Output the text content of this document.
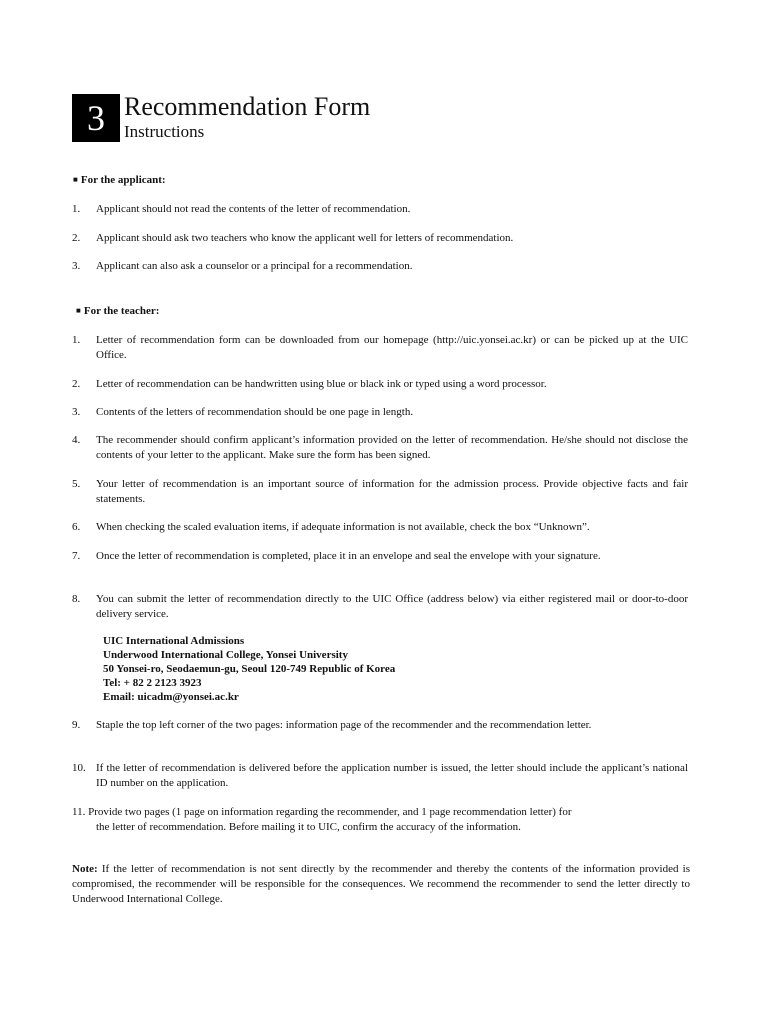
3 Recommendation Form
Instructions
■ For the applicant:
1.	Applicant should not read the contents of the letter of recommendation.
2.	Applicant should ask two teachers who know the applicant well for letters of recommendation.
3.	Applicant can also ask a counselor or a principal for a recommendation.
■ For the teacher:
1.	Letter of recommendation form can be downloaded from our homepage (http://uic.yonsei.ac.kr) or can be picked up at the UIC Office.
2.	Letter of recommendation can be handwritten using blue or black ink or typed using a word processor.
3.	Contents of the letters of recommendation should be one page in length.
4.	The recommender should confirm applicant’s information provided on the letter of recommendation. He/she should not disclose the contents of your letter to the applicant. Make sure the form has been signed.
5.	Your letter of recommendation is an important source of information for the admission process. Provide objective facts and fair statements.
6.	When checking the scaled evaluation items, if adequate information is not available, check the box “Unknown”.
7.	Once the letter of recommendation is completed, place it in an envelope and seal the envelope with your signature.
8.	You can submit the letter of recommendation directly to the UIC Office (address below) via either registered mail or door-to-door delivery service.
UIC International Admissions
Underwood International College, Yonsei University
50 Yonsei-ro, Seodaemun-gu, Seoul 120-749 Republic of Korea
Tel: + 82 2 2123 3923
Email: uicadm@yonsei.ac.kr
9.	Staple the top left corner of the two pages: information page of the recommender and the recommendation letter.
10. If the letter of recommendation is delivered before the application number is issued, the letter should include the applicant’s national ID number on the application.
11. Provide two pages (1 page on information regarding the recommender, and 1 page recommendation letter) for
the letter of recommendation. Before mailing it to UIC, confirm the accuracy of the information.
Note: If the letter of recommendation is not sent directly by the recommender and thereby the contents of the information provided is compromised, the recommender will be responsible for the consequences. We recommend the recommender to send the letter directly to Underwood International College.
